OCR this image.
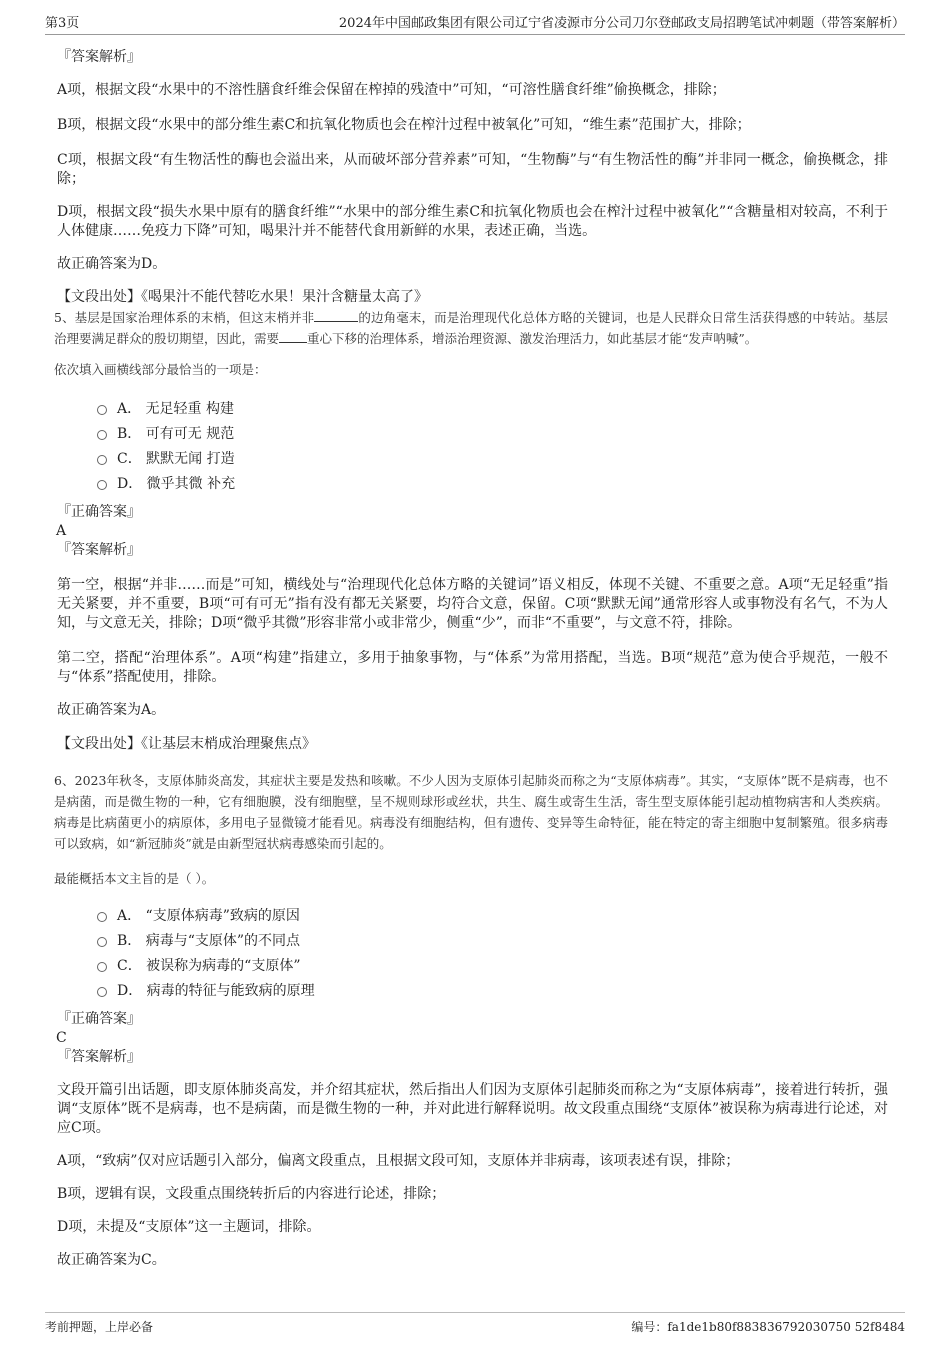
第3页	2024年中国邮政集团有限公司辽宁省凌源市分公司刀尔登邮政支局招聘笔试冲刺题（带答案解析）

『答案解析』

A项，根据文段“水果中的不溶性膳食纤维会保留在榨掉的残渣中”可知，“可溶性膳食纤维”偷换概念，排除；

B项，根据文段“水果中的部分维生素C和抗氧化物质也会在榨汁过程中被氧化”可知，“维生素”范围扩大，排除；

C项，根据文段“有生物活性的酶也会溢出来，从而破坏部分营养素”可知，“生物酶”与“有生物活性的酶”并非同一概念，偷换概念，排除；

D项，根据文段“损失水果中原有的膳食纤维”“水果中的部分维生素C和抗氧化物质也会在榨汁过程中被氧化”“含糖量相对较高，不利于人体健康……免疫力下降”可知，喝果汁并不能替代食用新鲜的水果，表述正确，当选。

故正确答案为D。

【文段出处】《喝果汁不能代替吃水果！果汁含糖量太高了》

5、基层是国家治理体系的末梢，但这末梢并非	的边角毫末，而是治理现代化总体方略的关键词，也是人民群众日常生活获得感的中转站。基层治理要满足群众的殷切期望，因此，需要 重心下移的治理体系，增添治理资源、激发治理活力，如此基层才能“发声呐喊”。

依次填入画横线部分最恰当的一项是：

A． 无足轻重 构建
B． 可有可无 规范
C． 默默无闻 打造
D． 微乎其微 补充

『正确答案』

A

『答案解析』

第一空，根据“并非……而是”可知，横线处与“治理现代化总体方略的关键词”语义相反，体现不关键、不重要之意。A项“无足轻重”指无关紧要，并不重要，B项“可有可无”指有没有都无关紧要，均符合文意，保留。C项“默默无闻”通常形容人或事物没有名气，不为人知，与文意无关，排除；D项“微乎其微”形容非常小或非常少，侧重“少”，而非“不重要”，与文意不符，排除。

第二空，搭配“治理体系”。A项“构建”指建立，多用于抽象事物，与“体系”为常用搭配，当选。B项“规范”意为使合乎规范，一般不与“体系”搭配使用，排除。

故正确答案为A。

【文段出处】《让基层末梢成治理聚焦点》

6、2023年秋冬，支原体肺炎高发，其症状主要是发热和咳嗽。不少人因为支原体引起肺炎而称之为“支原体病毒”。其实，“支原体”既不是病毒，也不是病菌，而是微生物的一种，它有细胞膜，没有细胞壁，呈不规则球形或丝状，共生、腐生或寄生生活，寄生型支原体能引起动植物病害和人类疾病。病毒是比病菌更小的病原体，多用电子显微镜才能看见。病毒没有细胞结构，但有遗传、变异等生命特征，能在特定的寄主细胞中复制繁殖。很多病毒可以致病，如“新冠肺炎”就是由新型冠状病毒感染而引起的。

最能概括本文主旨的是（ ）。

A． “支原体病毒”致病的原因
B． 病毒与“支原体”的不同点
C． 被误称为病毒的“支原体”
D． 病毒的特征与能致病的原理

『正确答案』

C

『答案解析』

文段开篇引出话题，即支原体肺炎高发，并介绍其症状，然后指出人们因为支原体引起肺炎而称之为“支原体病毒”，接着进行转折，强调“支原体”既不是病毒，也不是病菌，而是微生物的一种，并对此进行解释说明。故文段重点围绕“支原体”被误称为病毒进行论述，对应C项。

A项，“致病”仅对应话题引入部分，偏离文段重点，且根据文段可知，支原体并非病毒，该项表述有误，排除；

B项，逻辑有误，文段重点围绕转折后的内容进行论述，排除；

D项，未提及“支原体”这一主题词，排除。

故正确答案为C。

考前押题，上岸必备	编号：fa1de1b80f883836792030750 52f8484
